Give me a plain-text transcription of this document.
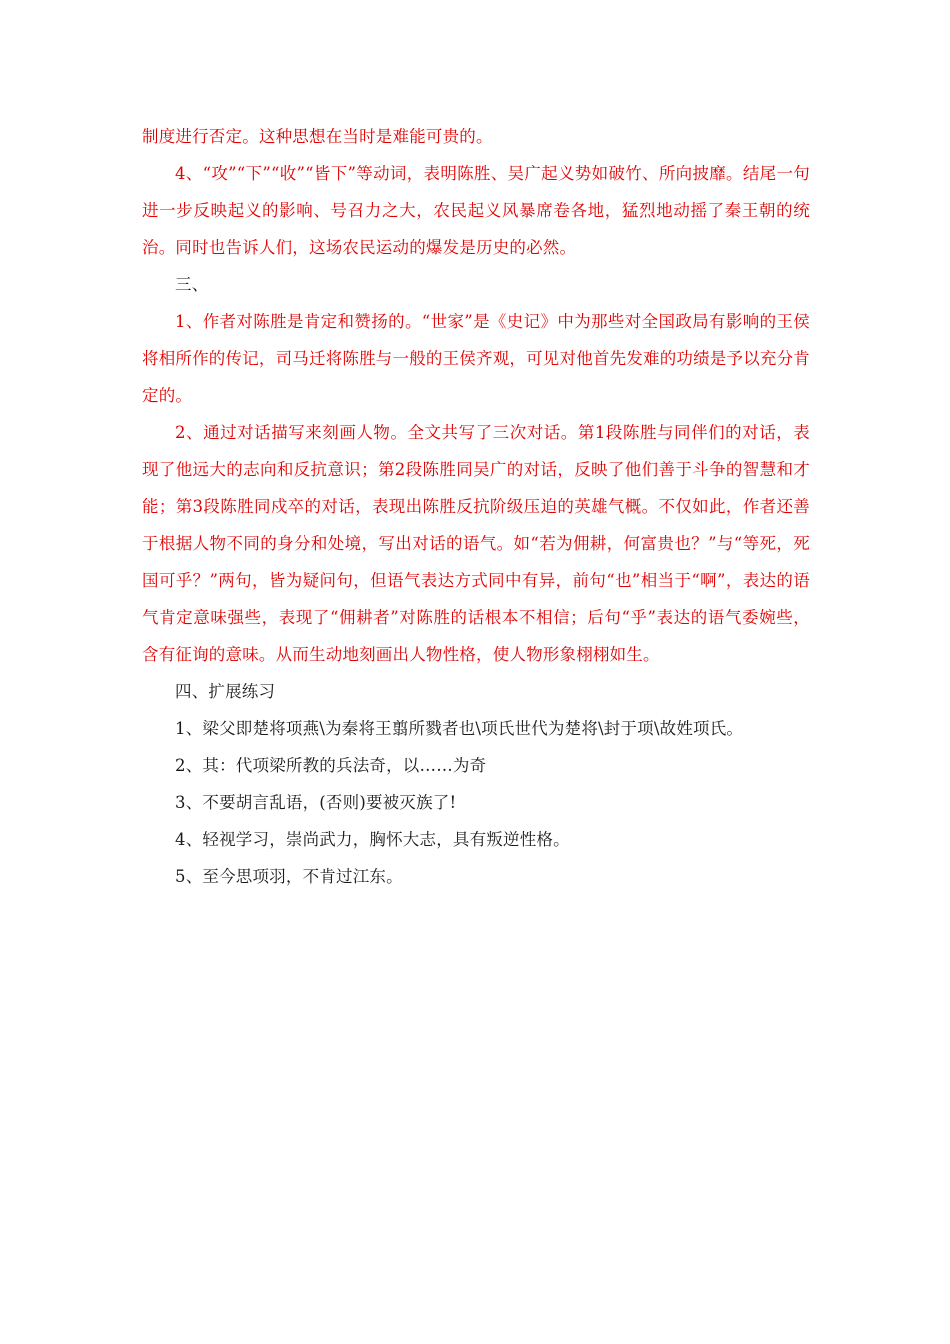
制度进行否定。这种思想在当时是难能可贵的。

4、“攻”“下”“收”“皆下”等动词，表明陈胜、吴广起义势如破竹、所向披靡。结尾一句进一步反映起义的影响、号召力之大，农民起义风暴席卷各地，猛烈地动摇了秦王朝的统治。同时也告诉人们，这场农民运动的爆发是历史的必然。

三、

1、作者对陈胜是肯定和赞扬的。“世家”是《史记》中为那些对全国政局有影响的王侯将相所作的传记，司马迁将陈胜与一般的王侯齐观，可见对他首先发难的功绩是予以充分肯定的。

2、通过对话描写来刻画人物。全文共写了三次对话。第1段陈胜与同伴们的对话，表现了他远大的志向和反抗意识；第2段陈胜同吴广的对话，反映了他们善于斗争的智慧和才能；第3段陈胜同戍卒的对话，表现出陈胜反抗阶级压迫的英雄气概。不仅如此，作者还善于根据人物不同的身分和处境，写出对话的语气。如“若为佣耕，何富贵也？”与“等死，死国可乎？”两句，皆为疑问句，但语气表达方式同中有异，前句“也”相当于“啊”，表达的语气肯定意味强些，表现了“佣耕者”对陈胜的话根本不相信；后句“乎”表达的语气委婉些，含有征询的意味。从而生动地刻画出人物性格，使人物形象栩栩如生。

四、扩展练习

1、梁父即楚将项燕\为秦将王翦所戮者也\项氏世代为楚将\封于项\故姓项氏。

2、其：代项梁所教的兵法奇，以……为奇

3、不要胡言乱语，(否则)要被灭族了!

4、轻视学习，崇尚武力，胸怀大志，具有叛逆性格。

5、至今思项羽，不肯过江东。
